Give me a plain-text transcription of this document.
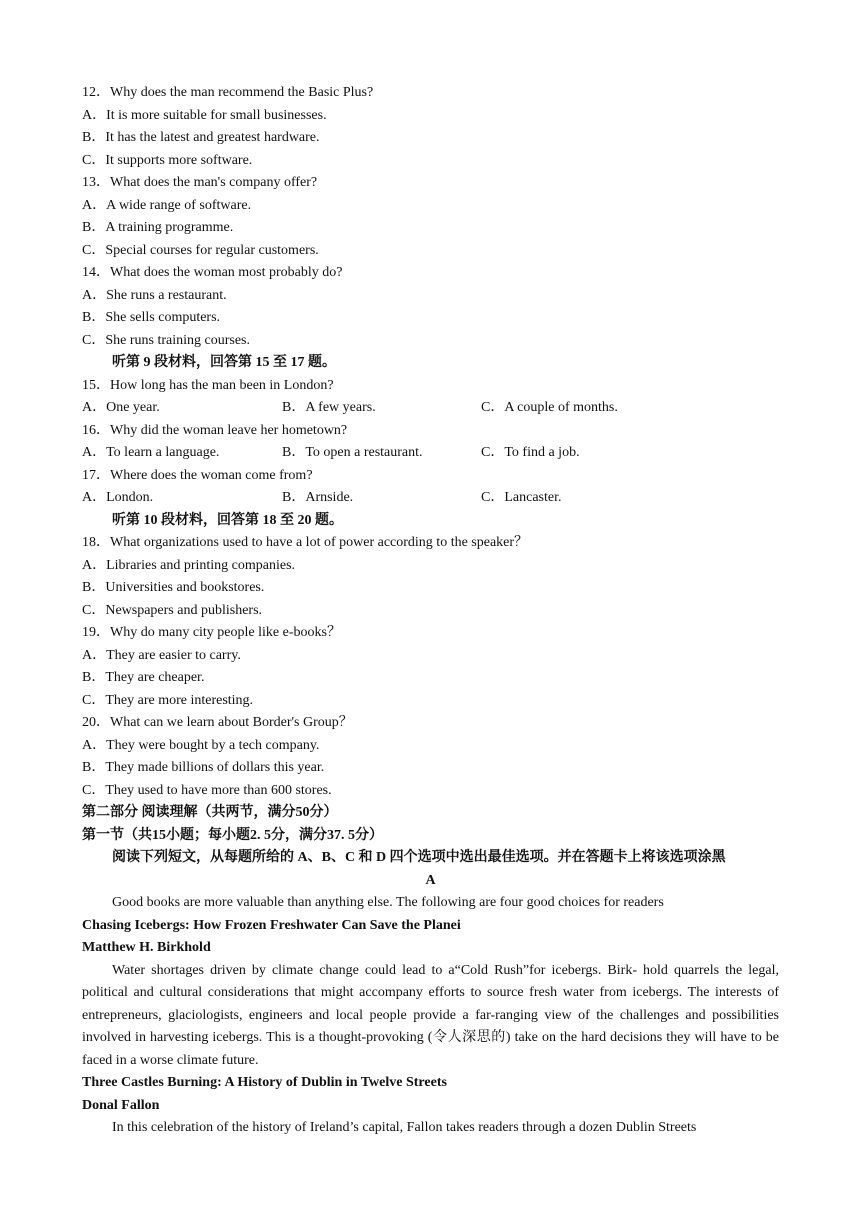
12．Why does the man recommend the Basic Plus?
A．It is more suitable for small businesses.
B．It has the latest and greatest hardware.
C．It supports more software.
13．What does the man's company offer?
A．A wide range of software.
B．A training programme.
C．Special courses for regular customers.
14．What does the woman most probably do?
A．She runs a restaurant.
B．She sells computers.
C．She runs training courses.
听第 9 段材料，回答第 15 至 17 题。
15．How long has the man been in London?
A．One year.	B．A few years.	C．A couple of months.
16．Why did the woman leave her hometown?
A．To learn a language.	B．To open a restaurant.	C．To find a job.
17．Where does the woman come from?
A．London.	B．Arnside.	C．Lancaster.
听第 10 段材料，回答第 18 至 20 题。
18．What organizations used to have a lot of power according to the speaker？
A．Libraries and printing companies.
B．Universities and bookstores.
C．Newspapers and publishers.
19．Why do many city people like e-books？
A．They are easier to carry.
B．They are cheaper.
C．They are more interesting.
20．What can we learn about Border's Group？
A．They were bought by a tech company.
B．They made billions of dollars this year.
C．They used to have more than 600 stores.
第二部分 阅读理解（共两节，满分50分）
第一节（共15小题；每小题2. 5分，满分37. 5分）
阅读下列短文，从每题所给的 A、B、C 和 D 四个选项中选出最佳选项。并在答题卡上将该选项涂黑
A
Good books are more valuable than anything else. The following are four good choices for readers
Chasing Icebergs: How Frozen Freshwater Can Save the Planei
Matthew H. Birkhold
Water shortages driven by climate change could lead to a“Cold Rush”for icebergs. Birk- hold quarrels the legal, political and cultural considerations that might accompany efforts to source fresh water from icebergs. The interests of entrepreneurs, glaciologists, engineers and local people provide a far-ranging view of the challenges and possibilities involved in harvesting icebergs. This is a thought-provoking (令人深思的) take on the hard decisions they will have to be faced in a worse climate future.
Three Castles Burning: A History of Dublin in Twelve Streets
Donal Fallon
In this celebration of the history of Ireland’s capital, Fallon takes readers through a dozen Dublin Streets
